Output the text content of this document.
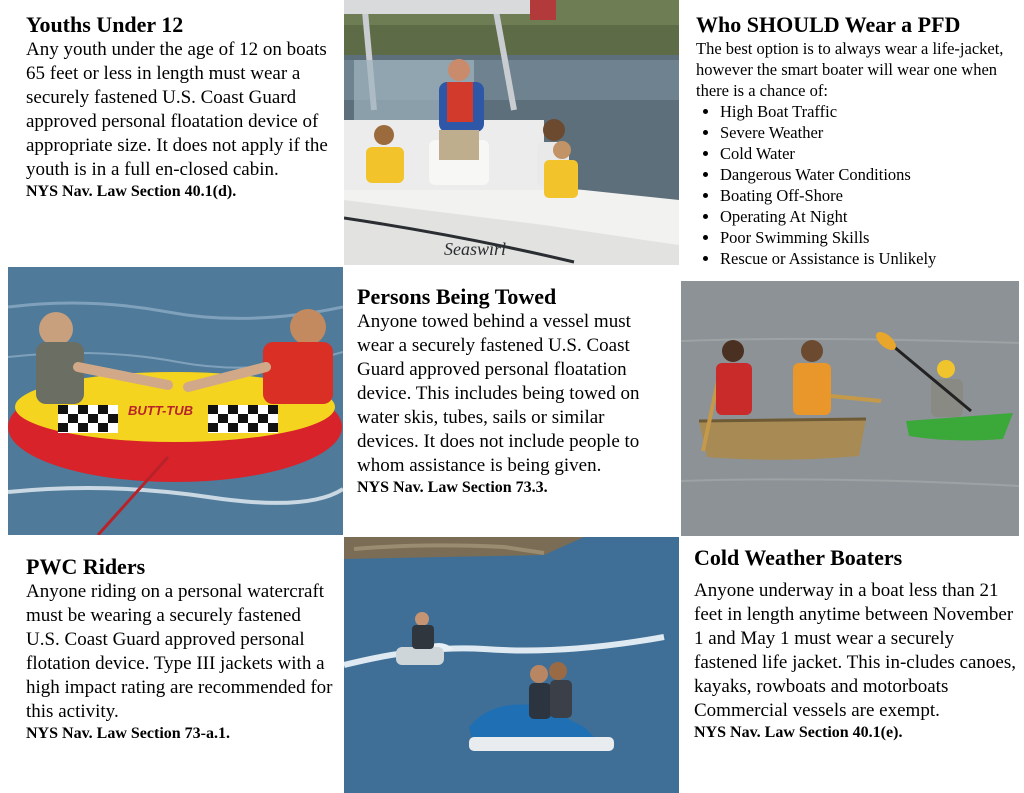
Youths Under 12

Any youth under the age of 12 on boats 65 feet or less in length must wear a securely fastened U.S. Coast Guard approved personal floatation device of appropriate size. It does not apply if the youth is in a full en-closed cabin.

NYS Nav. Law Section 40.1(d).

Seaswirl
Who SHOULD Wear a PFD

The best option is to always wear a life-jacket, however the smart boater will wear one when there is a chance of:

• High Boat Traffic
• Severe Weather
• Cold Water
• Dangerous Water Conditions
• Boating Off-Shore
• Operating At Night
• Poor Swimming Skills
• Rescue or Assistance is Unlikely
BUTT-TUB
Persons Being Towed

Anyone towed behind a vessel must wear a securely fastened U.S. Coast Guard approved personal floatation device. This includes being towed on water skis, tubes, sails or similar devices. It does not include people to whom assistance is being given.

NYS Nav. Law Section 73.3.

PWC Riders

Anyone riding on a personal watercraft must be wearing a securely fastened U.S. Coast Guard approved personal flotation device. Type III jackets with a high impact rating are recommended for this activity.

NYS Nav. Law Section 73-a.1.

Cold Weather Boaters

Anyone underway in a boat less than 21 feet in length anytime between November 1 and May 1 must wear a securely fastened life jacket. This in-cludes canoes, kayaks, rowboats and motorboats Commercial vessels are exempt.

NYS Nav. Law Section 40.1(e).
